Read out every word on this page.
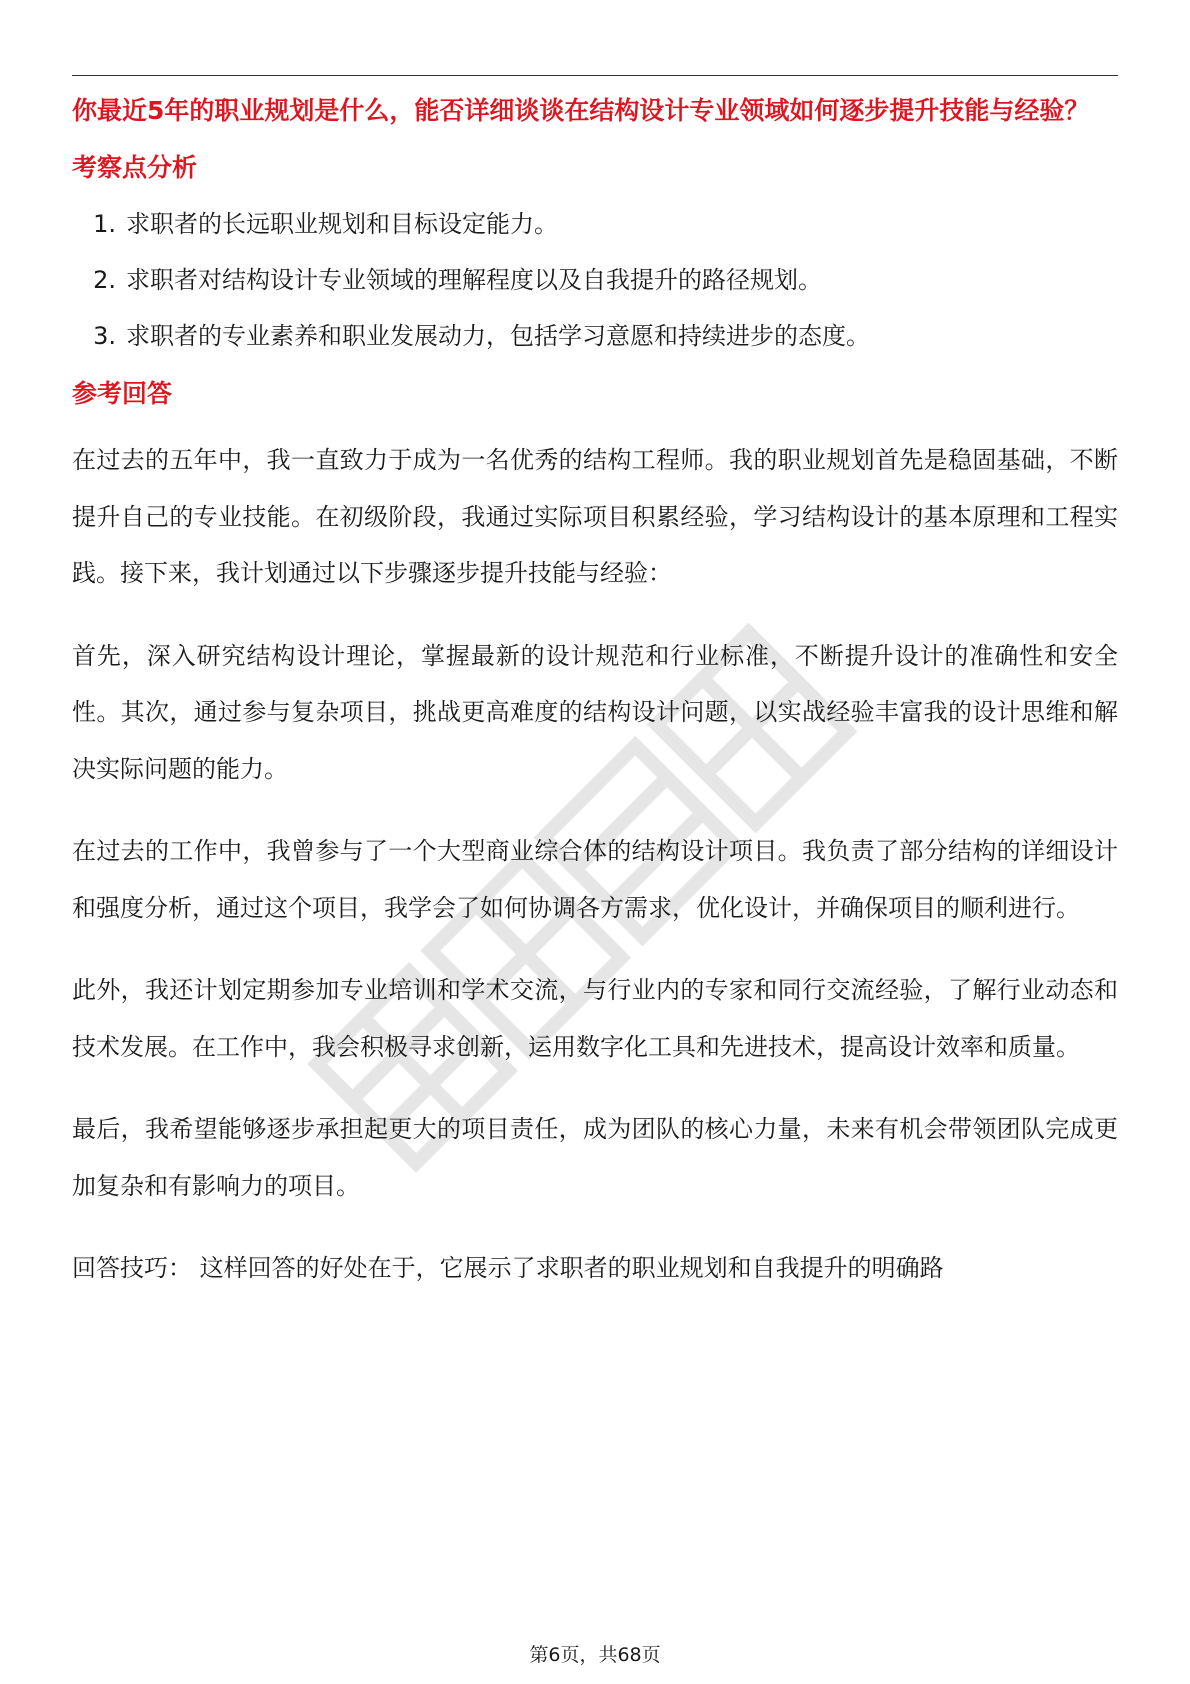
你最近5年的职业规划是什么，能否详细谈谈在结构设计专业领域如何逐步提升技能与经验？

考察点分析

1. 求职者的长远职业规划和目标设定能力。
2. 求职者对结构设计专业领域的理解程度以及自我提升的路径规划。
3. 求职者的专业素养和职业发展动力，包括学习意愿和持续进步的态度。

参考回答

在过去的五年中，我一直致力于成为一名优秀的结构工程师。我的职业规划首先是稳固基础，不断提升自己的专业技能。在初级阶段，我通过实际项目积累经验，学习结构设计的基本原理和工程实践。接下来，我计划通过以下步骤逐步提升技能与经验：

首先，深入研究结构设计理论，掌握最新的设计规范和行业标准，不断提升设计的准确性和安全性。其次，通过参与复杂项目，挑战更高难度的结构设计问题，以实战经验丰富我的设计思维和解决实际问题的能力。

在过去的工作中，我曾参与了一个大型商业综合体的结构设计项目。我负责了部分结构的详细设计和强度分析，通过这个项目，我学会了如何协调各方需求，优化设计，并确保项目的顺利进行。

此外，我还计划定期参加专业培训和学术交流，与行业内的专家和同行交流经验，了解行业动态和技术发展。在工作中，我会积极寻求创新，运用数字化工具和先进技术，提高设计效率和质量。

最后，我希望能够逐步承担起更大的项目责任，成为团队的核心力量，未来有机会带领团队完成更加复杂和有影响力的项目。

回答技巧： 这样回答的好处在于，它展示了求职者的职业规划和自我提升的明确路

第6页，共68页
